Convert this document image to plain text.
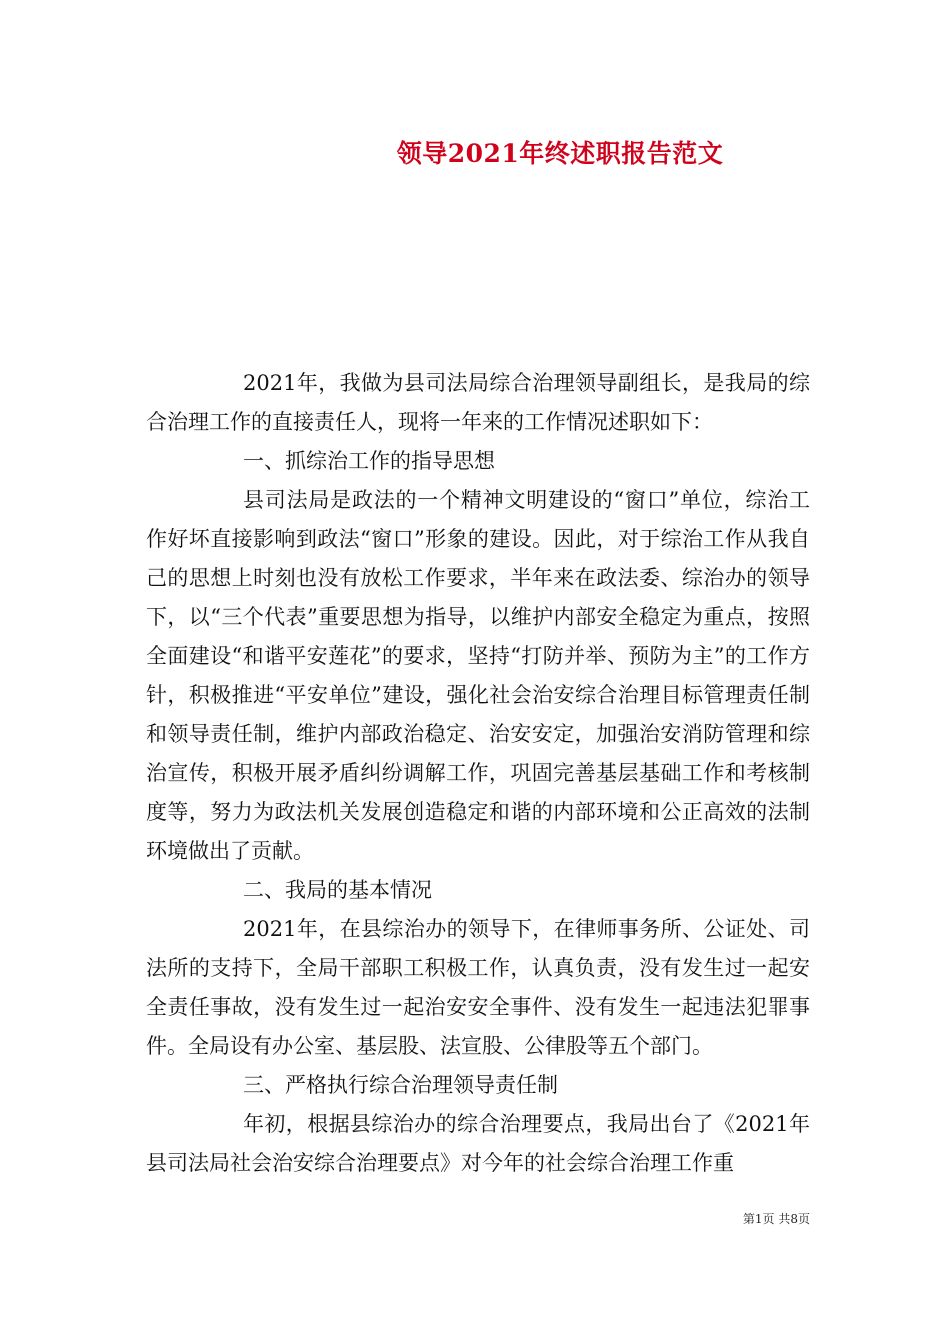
领导2021年终述职报告范文

2021年，我做为县司法局综合治理领导副组长，是我局的综合治理工作的直接责任人，现将一年来的工作情况述职如下：

一、抓综治工作的指导思想

县司法局是政法的一个精神文明建设的“窗口”单位，综治工作好坏直接影响到政法“窗口”形象的建设。因此，对于综治工作从我自己的思想上时刻也没有放松工作要求，半年来在政法委、综治办的领导下，以“三个代表”重要思想为指导，以维护内部安全稳定为重点，按照全面建设“和谐平安莲花”的要求，坚持“打防并举、预防为主”的工作方针，积极推进“平安单位”建设，强化社会治安综合治理目标管理责任制和领导责任制，维护内部政治稳定、治安安定，加强治安消防管理和综治宣传，积极开展矛盾纠纷调解工作，巩固完善基层基础工作和考核制度等，努力为政法机关发展创造稳定和谐的内部环境和公正高效的法制环境做出了贡献。

二、我局的基本情况

2021年，在县综治办的领导下，在律师事务所、公证处、司法所的支持下，全局干部职工积极工作，认真负责，没有发生过一起安全责任事故，没有发生过一起治安安全事件、没有发生一起违法犯罪事件。全局设有办公室、基层股、法宣股、公律股等五个部门。

三、严格执行综合治理领导责任制

年初，根据县综治办的综合治理要点，我局出台了《2021年县司法局社会治安综合治理要点》对今年的社会综合治理工作重

第1页 共8页
